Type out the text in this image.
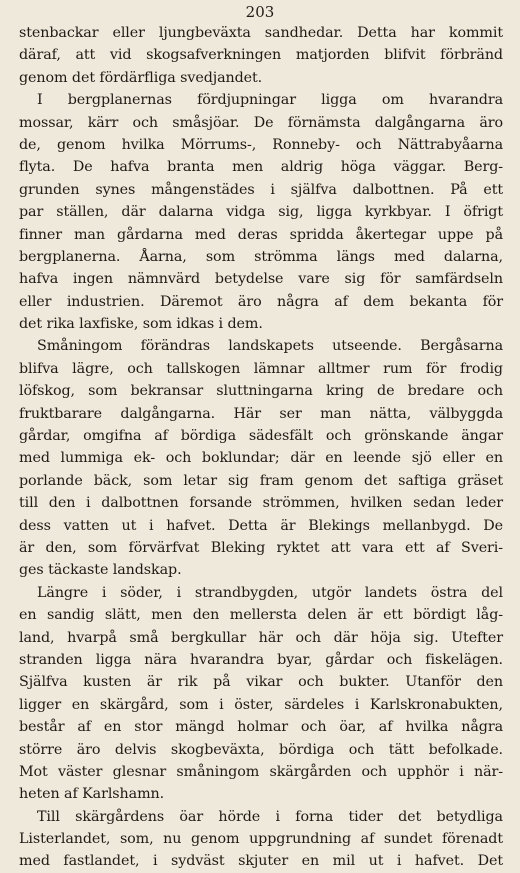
203
stenbackar eller ljungbeväxta sandhedar. Detta har kommit
däraf, att vid skogsafverkningen matjorden blifvit förbränd
genom det fördärfliga svedjandet.
I bergplanernas fördjupningar ligga om hvarandra
mossar, kärr och småsjöar. De förnämsta dalgångarna äro
de, genom hvilka Mörrums-, Ronneby- och Nättrabyåarna
flyta. De hafva branta men aldrig höga väggar. Berg-
grunden synes mångenstädes i själfva dalbottnen. På ett
par ställen, där dalarna vidga sig, ligga kyrkbyar. I öfrigt
finner man gårdarna med deras spridda åkertegar uppe på
bergplanerna. Åarna, som strömma längs med dalarna,
hafva ingen nämnvärd betydelse vare sig för samfärdseln
eller industrien. Däremot äro några af dem bekanta för
det rika laxfiske, som idkas i dem.
Småningom förändras landskapets utseende. Bergåsarna
blifva lägre, och tallskogen lämnar alltmer rum för frodig
löfskog, som bekransar sluttningarna kring de bredare och
fruktbarare dalgångarna. Här ser man nätta, välbyggda
gårdar, omgifna af bördiga sädesfält och grönskande ängar
med lummiga ek- och boklundar; där en leende sjö eller en
porlande bäck, som letar sig fram genom det saftiga gräset
till den i dalbottnen forsande strömmen, hvilken sedan leder
dess vatten ut i hafvet. Detta är Blekings mellanbygd. De
är den, som förvärfvat Bleking ryktet att vara ett af Sveri-
ges täckaste landskap.
Längre i söder, i strandbygden, utgör landets östra del
en sandig slätt, men den mellersta delen är ett bördigt låg-
land, hvarpå små bergkullar här och där höja sig. Utefter
stranden ligga nära hvarandra byar, gårdar och fiskelägen.
Själfva kusten är rik på vikar och bukter. Utanför den
ligger en skärgård, som i öster, särdeles i Karlskronabukten,
består af en stor mängd holmar och öar, af hvilka några
större äro delvis skogbeväxta, bördiga och tätt befolkade.
Mot väster glesnar småningom skärgården och upphör i när-
heten af Karlshamn.
Till skärgårdens öar hörde i forna tider det betydliga
Listerlandet, som, nu genom uppgrundning af sundet förenadt
med fastlandet, i sydväst skjuter en mil ut i hafvet. Det
